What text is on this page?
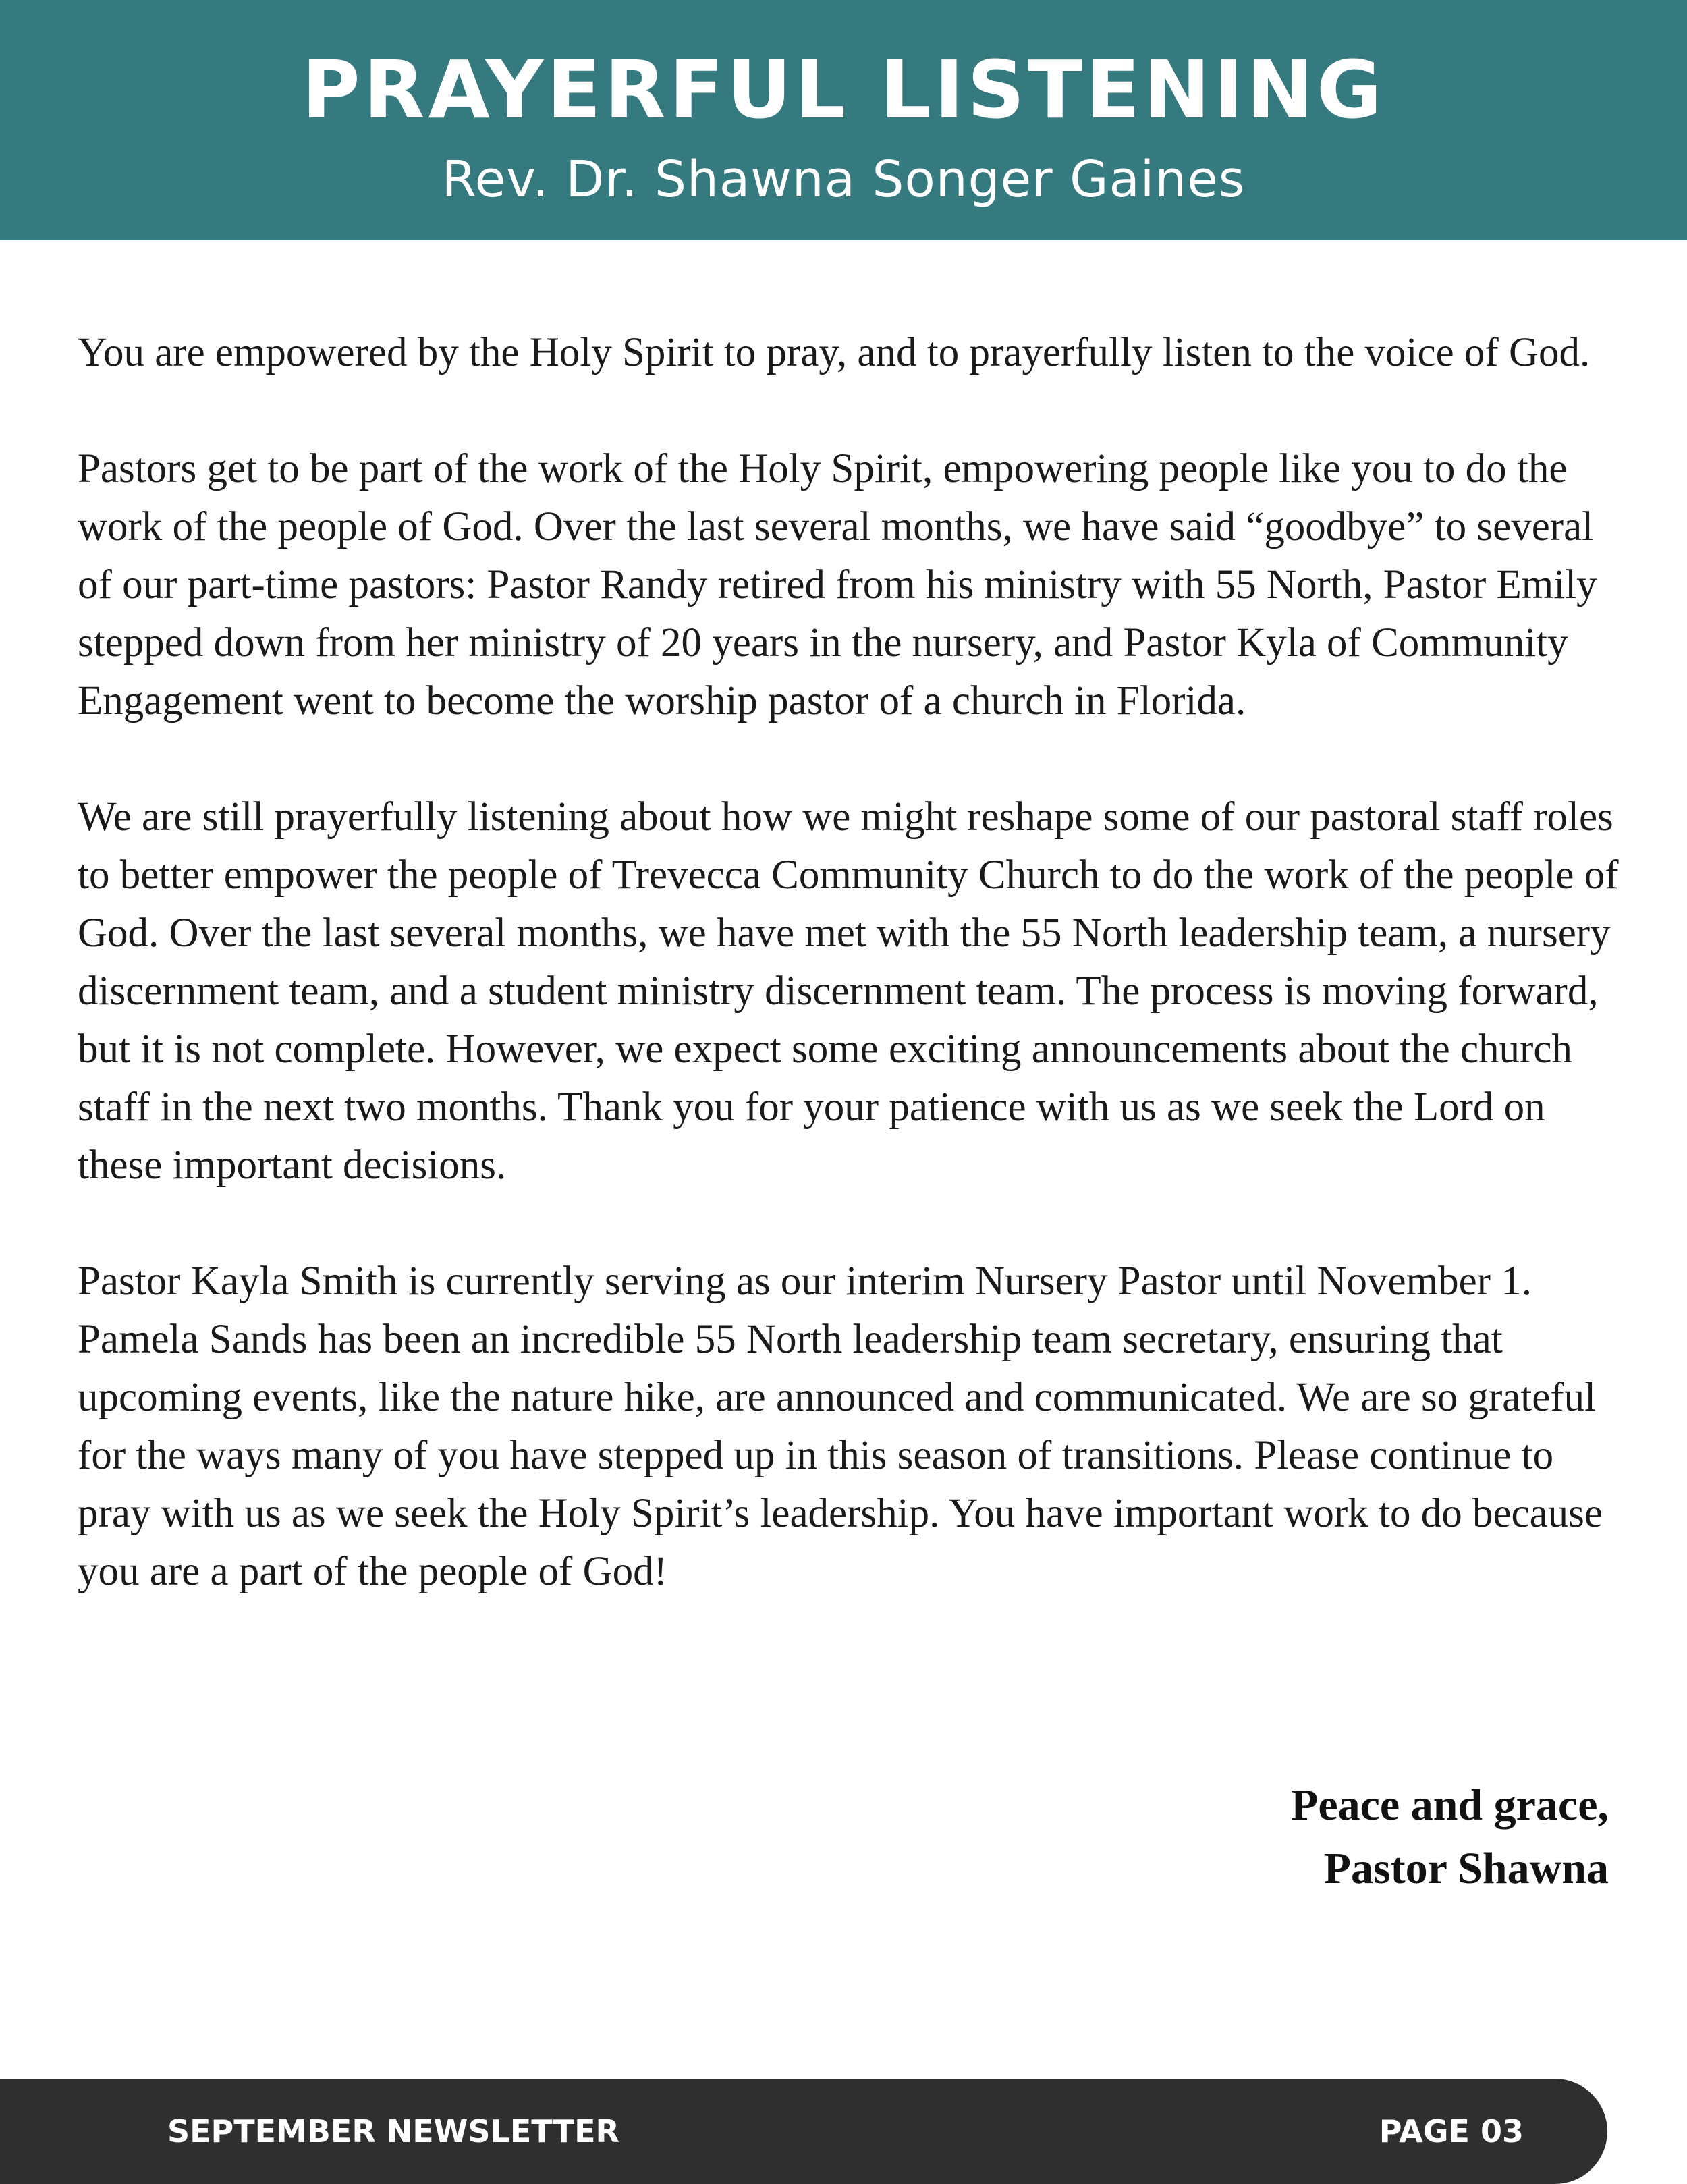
PRAYERFUL LISTENING
Rev. Dr. Shawna Songer Gaines

You are empowered by the Holy Spirit to pray, and to prayerfully listen to the voice of God.

Pastors get to be part of the work of the Holy Spirit, empowering people like you to do the work of the people of God. Over the last several months, we have said “goodbye” to several of our part-time pastors: Pastor Randy retired from his ministry with 55 North, Pastor Emily stepped down from her ministry of 20 years in the nursery, and Pastor Kyla of Community Engagement went to become the worship pastor of a church in Florida.

We are still prayerfully listening about how we might reshape some of our pastoral staff roles to better empower the people of Trevecca Community Church to do the work of the people of God. Over the last several months, we have met with the 55 North leadership team, a nursery discernment team, and a student ministry discernment team. The process is moving forward, but it is not complete. However, we expect some exciting announcements about the church staff in the next two months. Thank you for your patience with us as we seek the Lord on these important decisions.

Pastor Kayla Smith is currently serving as our interim Nursery Pastor until November 1. Pamela Sands has been an incredible 55 North leadership team secretary, ensuring that upcoming events, like the nature hike, are announced and communicated. We are so grateful for the ways many of you have stepped up in this season of transitions. Please continue to pray with us as we seek the Holy Spirit’s leadership. You have important work to do because you are a part of the people of God!

Peace and grace,
Pastor Shawna
SEPTEMBER NEWSLETTER	PAGE 03
